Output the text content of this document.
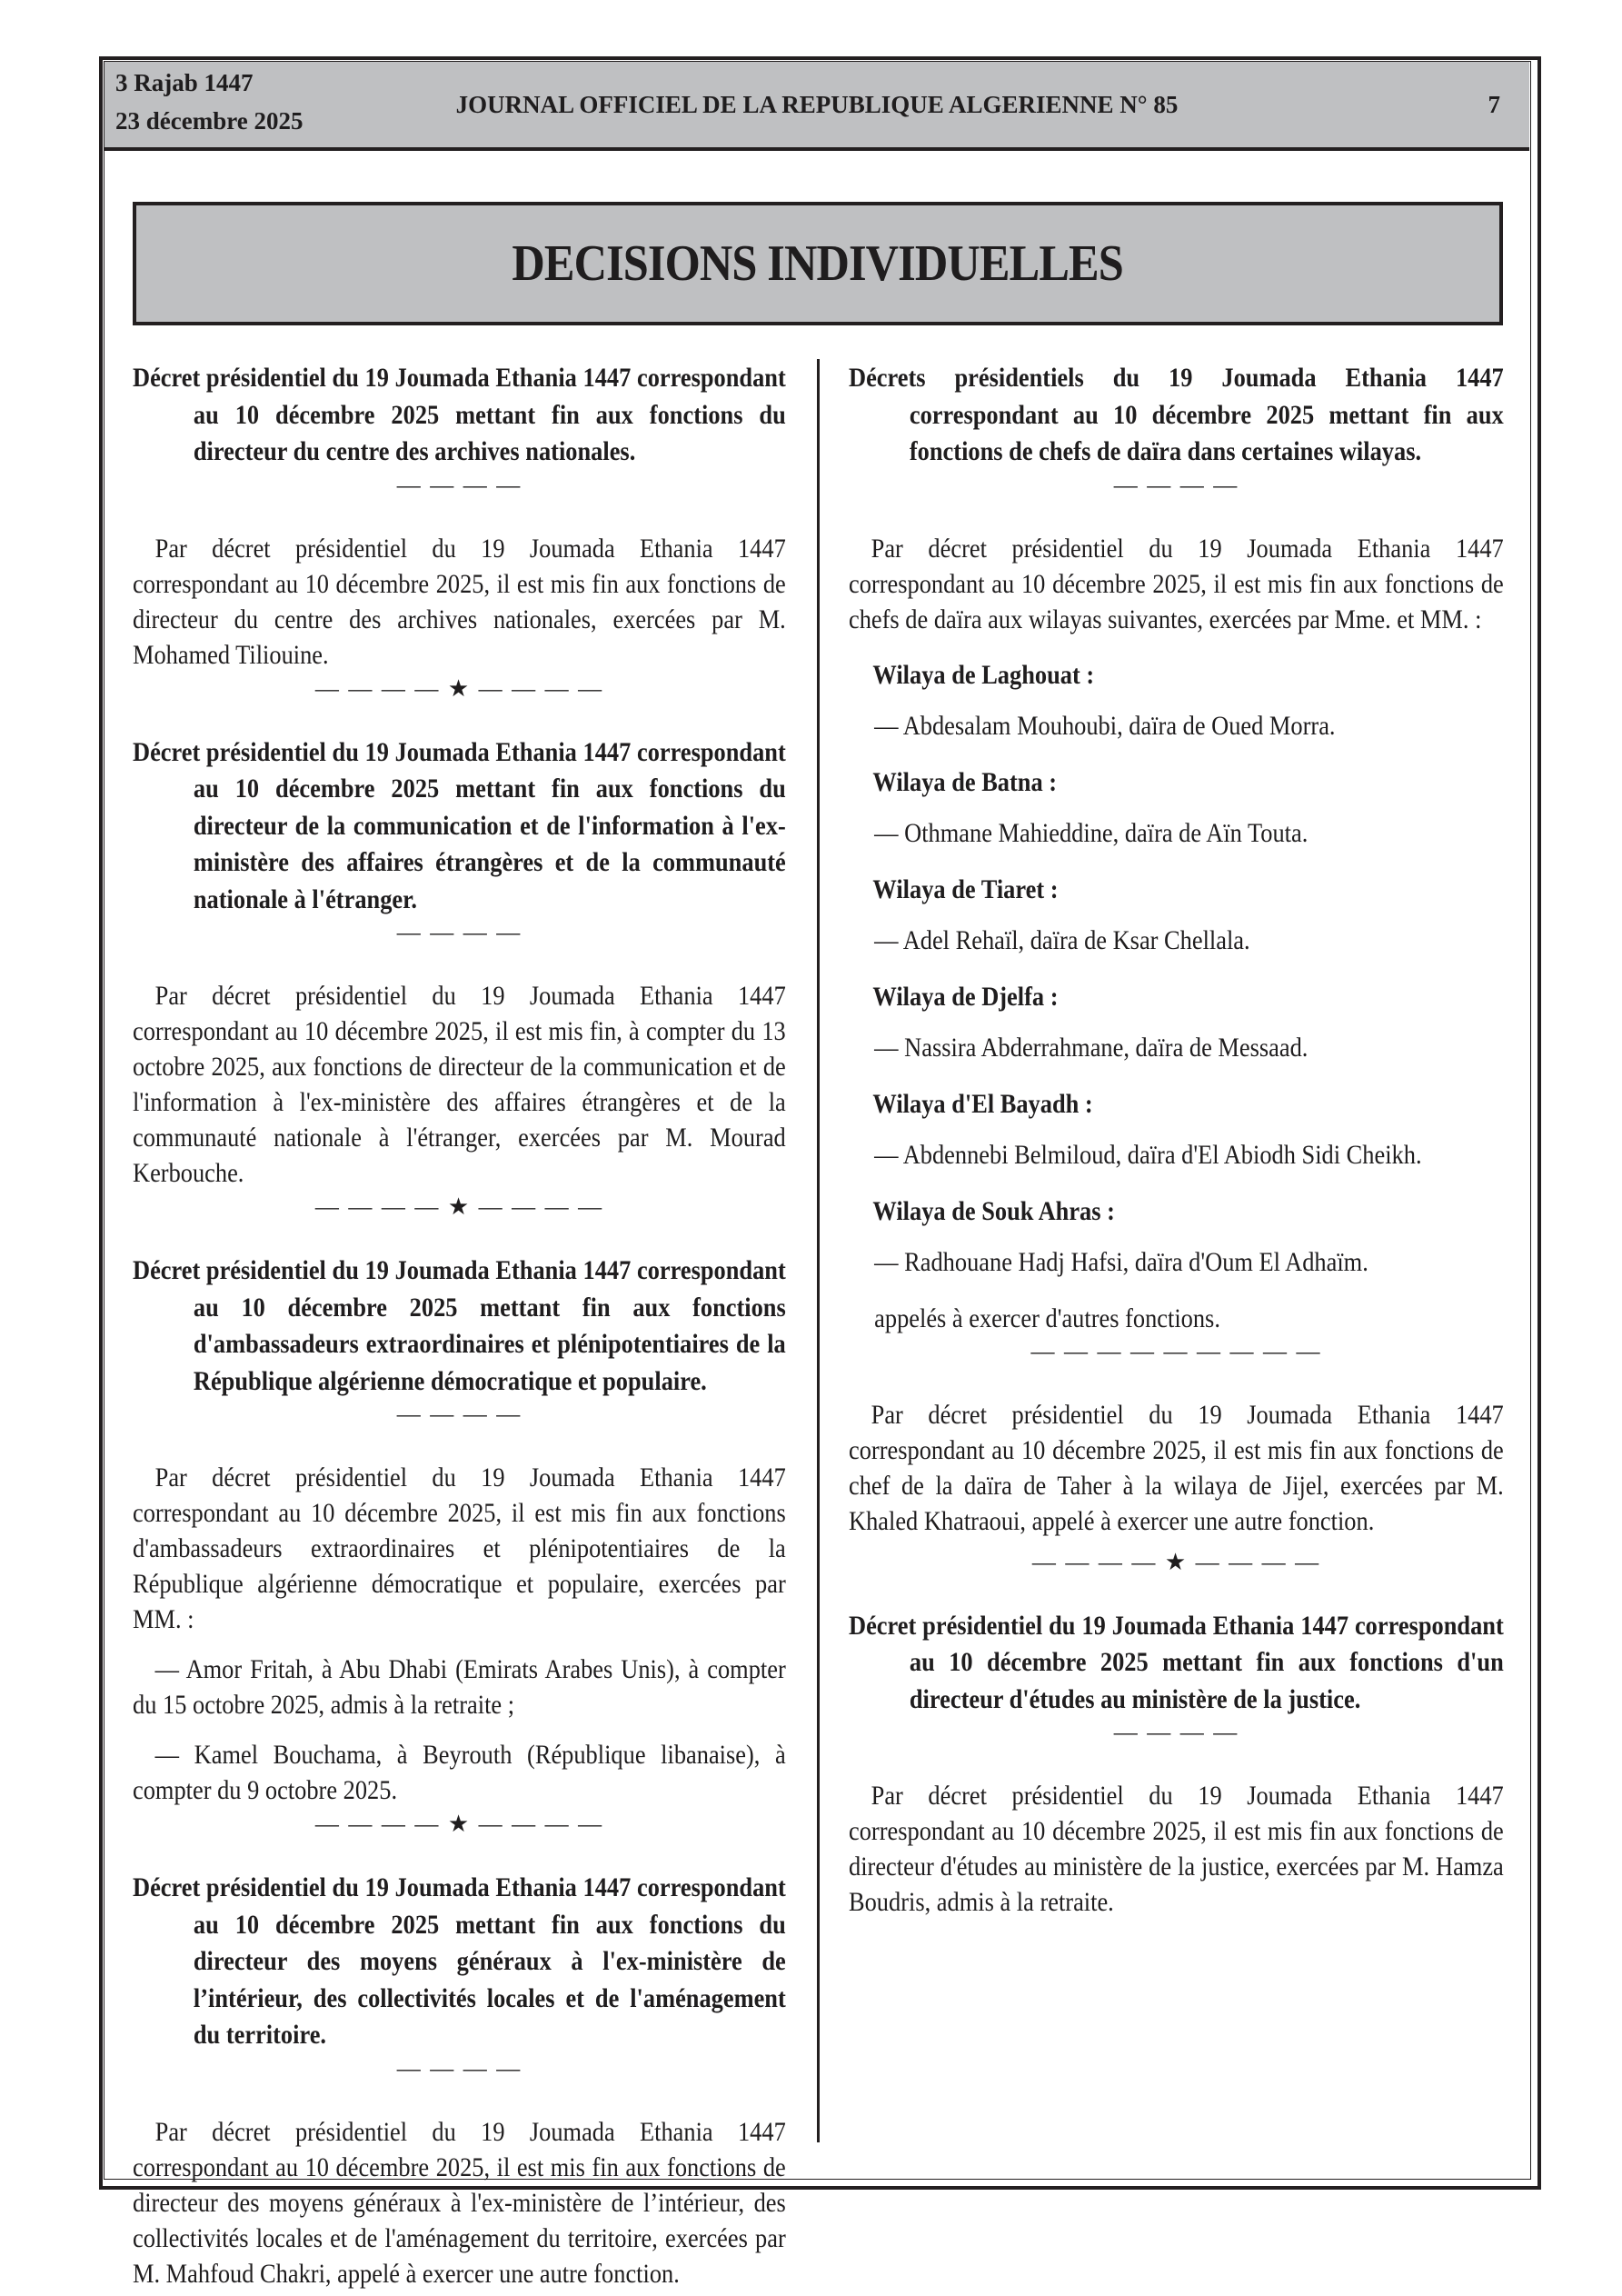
3 Rajab 1447
23 décembre 2025
JOURNAL OFFICIEL DE LA REPUBLIQUE ALGERIENNE N° 85	7
DECISIONS INDIVIDUELLES
Décret présidentiel du 19 Joumada Ethania 1447 correspondant au 10 décembre 2025 mettant fin aux fonctions du directeur du centre des archives nationales.
— — — —
Par décret présidentiel du 19 Joumada Ethania 1447 correspondant au 10 décembre 2025, il est mis fin aux fonctions de directeur du centre des archives nationales, exercées par M. Mohamed Tiliouine.
— — — — ★ — — — —
Décret présidentiel du 19 Joumada Ethania 1447 correspondant au 10 décembre 2025 mettant fin aux fonctions du directeur de la communication et de l'information à l'ex-ministère des affaires étrangères et de la communauté nationale à l'étranger.
— — — —
Par décret présidentiel du 19 Joumada Ethania 1447 correspondant au 10 décembre 2025, il est mis fin, à compter du 13 octobre 2025, aux fonctions de directeur de la communication et de l'information à l'ex-ministère des affaires étrangères et de la communauté nationale à l'étranger, exercées par M. Mourad Kerbouche.
— — — — ★ — — — —
Décret présidentiel du 19 Joumada Ethania 1447 correspondant au 10 décembre 2025 mettant fin aux fonctions d'ambassadeurs extraordinaires et plénipotentiaires de la République algérienne démocratique et populaire.
— — — —
Par décret présidentiel du 19 Joumada Ethania 1447 correspondant au 10 décembre 2025, il est mis fin aux fonctions d'ambassadeurs extraordinaires et plénipotentiaires de la République algérienne démocratique et populaire, exercées par MM. :
— Amor Fritah, à Abu Dhabi (Emirats Arabes Unis), à compter du 15 octobre 2025, admis à la retraite ;
— Kamel Bouchama, à Beyrouth (République libanaise), à compter du 9 octobre 2025.
— — — — ★ — — — —
Décret présidentiel du 19 Joumada Ethania 1447 correspondant au 10 décembre 2025 mettant fin aux fonctions du directeur des moyens généraux à l'ex-ministère de l’intérieur, des collectivités locales et de l'aménagement du territoire.
— — — —
Par décret présidentiel du 19 Joumada Ethania 1447 correspondant au 10 décembre 2025, il est mis fin aux fonctions de directeur des moyens généraux à l'ex-ministère de l’intérieur, des collectivités locales et de l'aménagement du territoire, exercées par M. Mahfoud Chakri, appelé à exercer une autre fonction.
Décrets présidentiels du 19 Joumada Ethania 1447 correspondant au 10 décembre 2025 mettant fin aux fonctions de chefs de daïra dans certaines wilayas.
— — — —
Par décret présidentiel du 19 Joumada Ethania 1447 correspondant au 10 décembre 2025, il est mis fin aux fonctions de chefs de daïra aux wilayas suivantes, exercées par Mme. et MM. :
Wilaya de Laghouat :
— Abdesalam Mouhoubi, daïra de Oued Morra.
Wilaya de Batna :
— Othmane Mahieddine, daïra de Aïn Touta.
Wilaya de Tiaret :
— Adel Rehaïl, daïra de Ksar Chellala.
Wilaya de Djelfa :
— Nassira Abderrahmane, daïra de Messaad.
Wilaya d'El Bayadh :
— Abdennebi Belmiloud, daïra d'El Abiodh Sidi Cheikh.
Wilaya de Souk Ahras :
— Radhouane Hadj Hafsi, daïra d'Oum El Adhaïm.
appelés à exercer d'autres fonctions.
— — — — — — — — —
Par décret présidentiel du 19 Joumada Ethania 1447 correspondant au 10 décembre 2025, il est mis fin aux fonctions de chef de la daïra de Taher à la wilaya de Jijel, exercées par M. Khaled Khatraoui, appelé à exercer une autre fonction.
— — — — ★ — — — —
Décret présidentiel du 19 Joumada Ethania 1447 correspondant au 10 décembre 2025 mettant fin aux fonctions d'un directeur d'études au ministère de la justice.
— — — —
Par décret présidentiel du 19 Joumada Ethania 1447 correspondant au 10 décembre 2025, il est mis fin aux fonctions de directeur d'études au ministère de la justice, exercées par M. Hamza Boudris, admis à la retraite.
